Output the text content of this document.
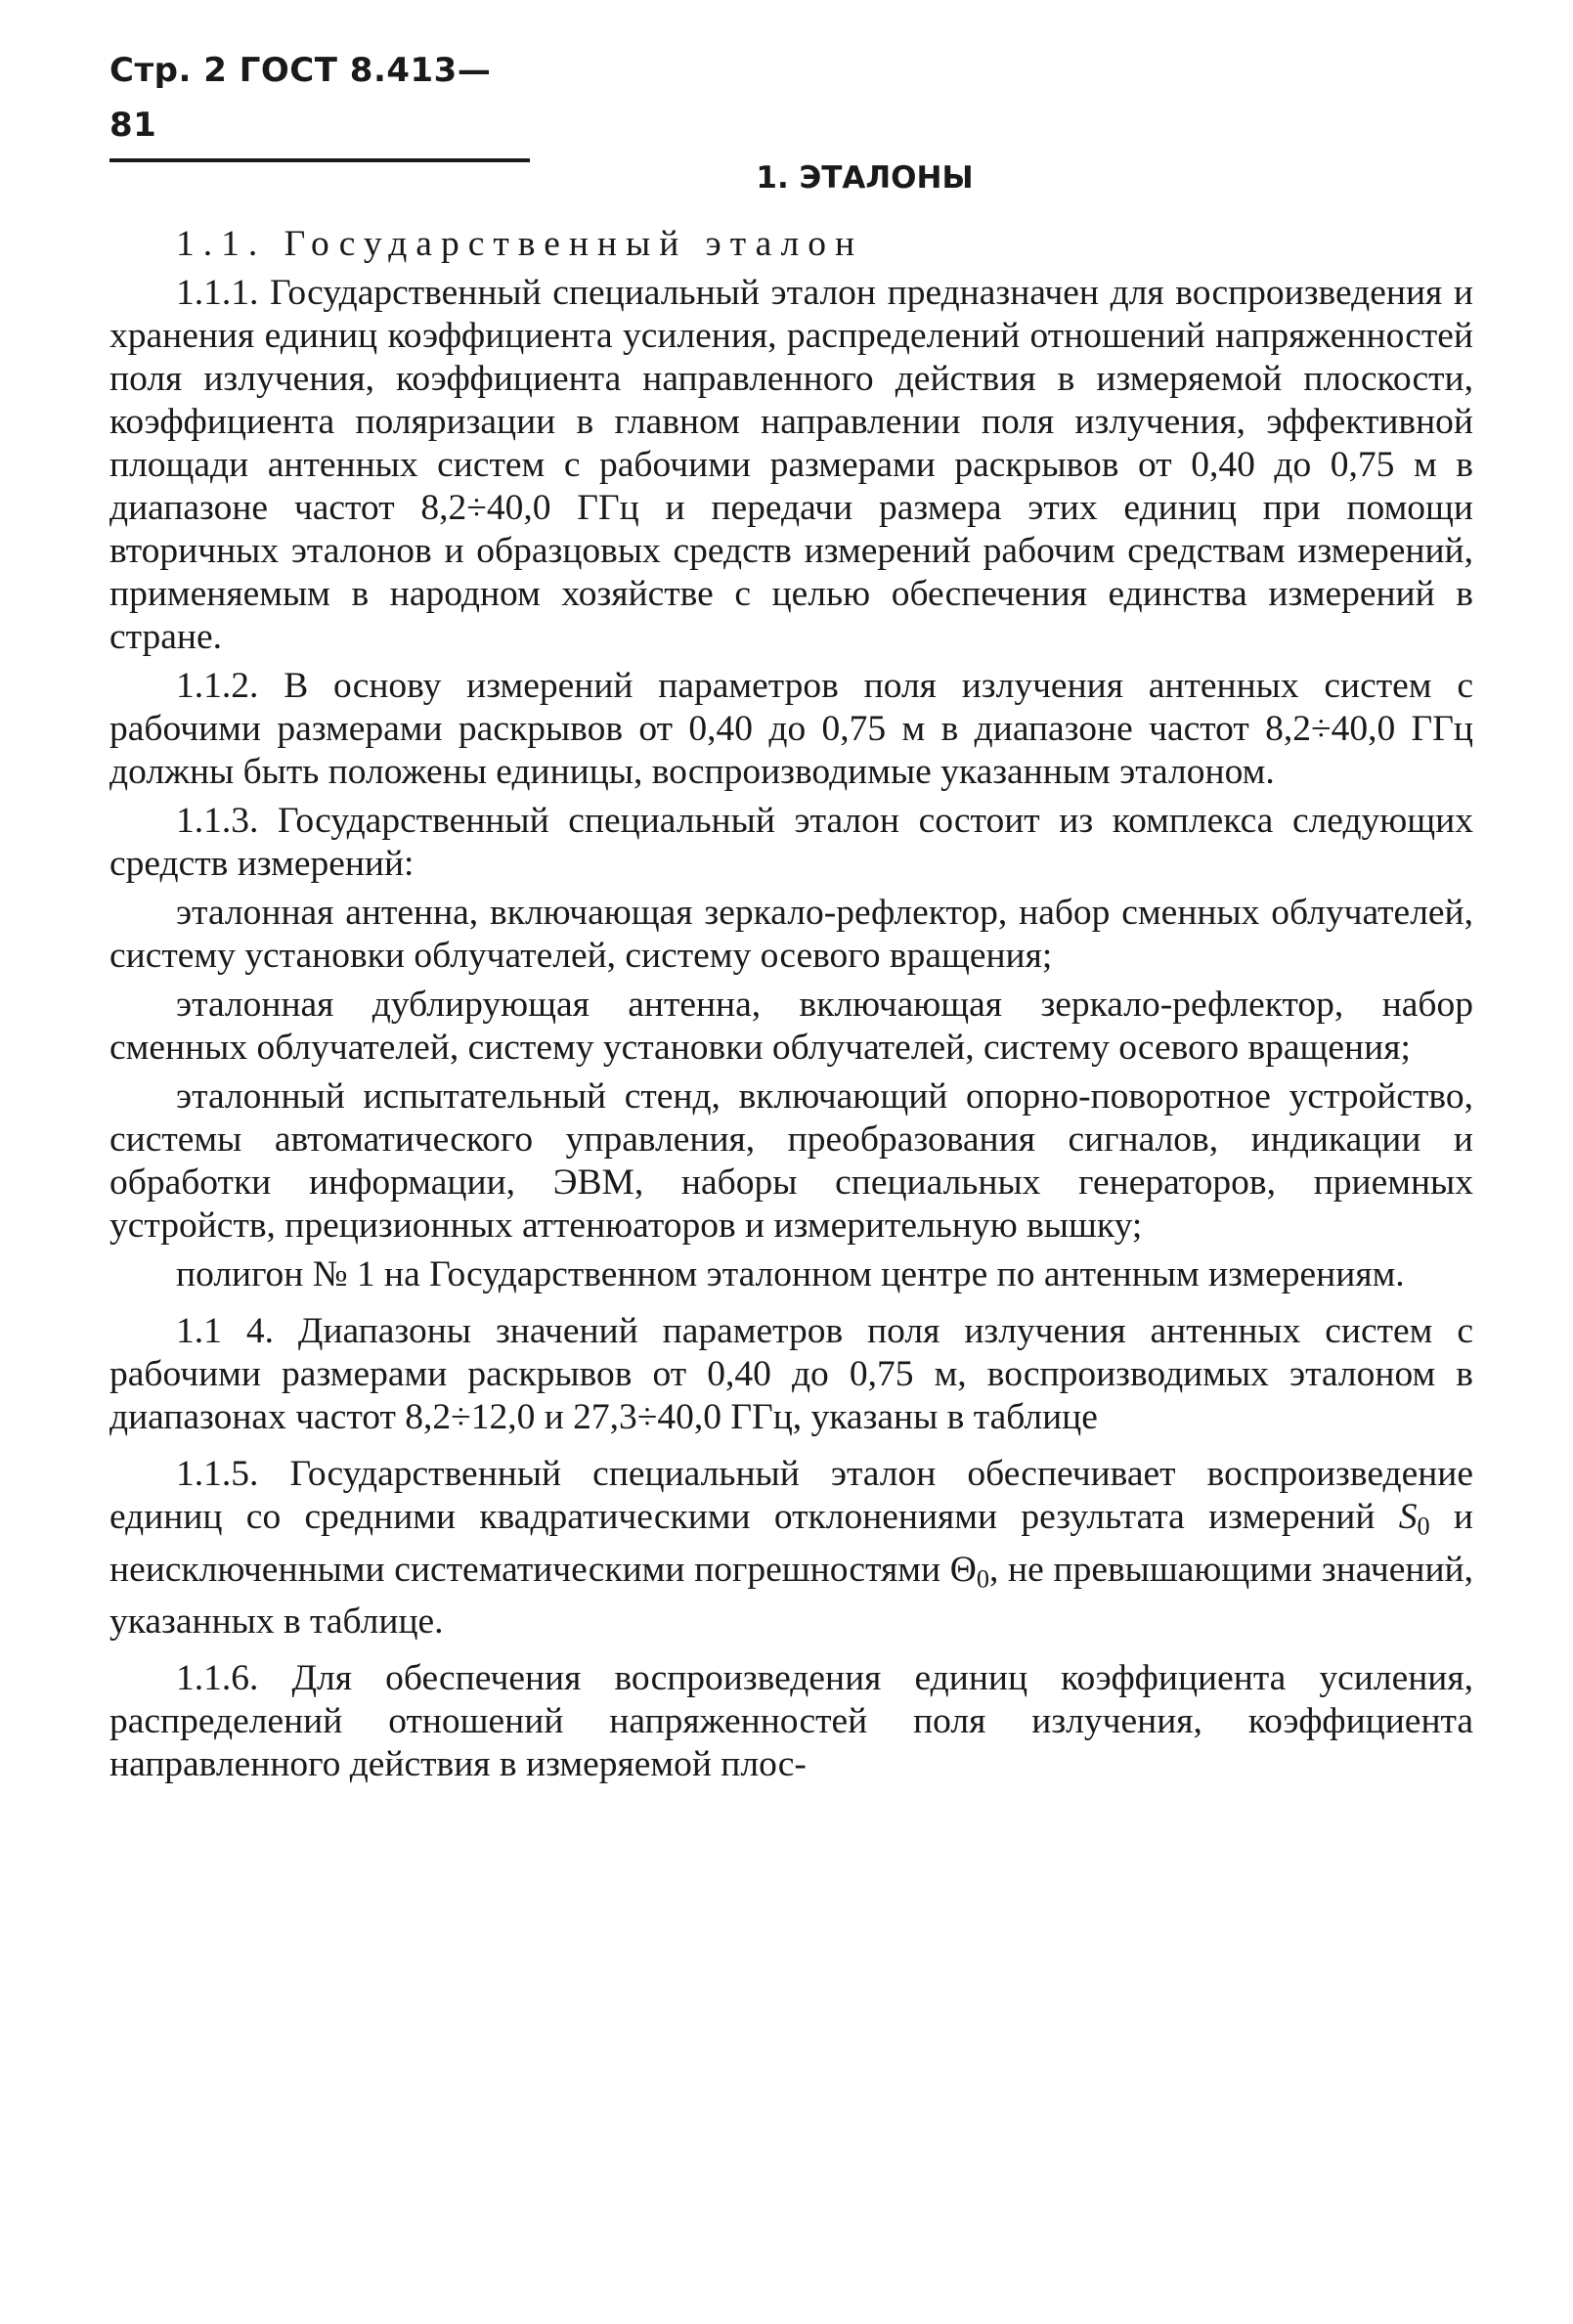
Стр. 2 ГОСТ 8.413—81
1. ЭТАЛОНЫ

1.1. Государственный эталон

1.1.1. Государственный специальный эталон предназначен для воспроизведения и хранения единиц коэффициента усиления, распределений отношений напряженностей поля излучения, коэффициента направленного действия в измеряемой плоскости, коэффициента поляризации в главном направлении поля излучения, эффективной площади антенных систем с рабочими размерами раскрывов от 0,40 до 0,75 м в диапазоне частот 8,2÷40,0 ГГц и передачи размера этих единиц при помощи вторичных эталонов и образцовых средств измерений рабочим средствам измерений, применяемым в народном хозяйстве с целью обеспечения единства измерений в стране.

1.1.2. В основу измерений параметров поля излучения антенных систем с рабочими размерами раскрывов от 0,40 до 0,75 м в диапазоне частот 8,2÷40,0 ГГц должны быть положены единицы, воспроизводимые указанным эталоном.

1.1.3. Государственный специальный эталон состоит из комплекса следующих средств измерений:

эталонная антенна, включающая зеркало-рефлектор, набор сменных облучателей, систему установки облучателей, систему осевого вращения;

эталонная дублирующая антенна, включающая зеркало-рефлектор, набор сменных облучателей, систему установки облучателей, систему осевого вращения;

эталонный испытательный стенд, включающий опорно-поворотное устройство, системы автоматического управления, преобразования сигналов, индикации и обработки информации, ЭВМ, наборы специальных генераторов, приемных устройств, прецизионных аттенюаторов и измерительную вышку;

полигон № 1 на Государственном эталонном центре по антенным измерениям.

1.1 4. Диапазоны значений параметров поля излучения антенных систем с рабочими размерами раскрывов от 0,40 до 0,75 м, воспроизводимых эталоном в диапазонах частот 8,2÷12,0 и 27,3÷40,0 ГГц, указаны в таблице

1.1.5. Государственный специальный эталон обеспечивает воспроизведение единиц со средними квадратическими отклонениями результата измерений S0 и неисключенными систематическими погрешностями Θ0, не превышающими значений, указанных в таблице.

1.1.6. Для обеспечения воспроизведения единиц коэффициента усиления, распределений отношений напряженностей поля излучения, коэффициента направленного действия в измеряемой плос-
